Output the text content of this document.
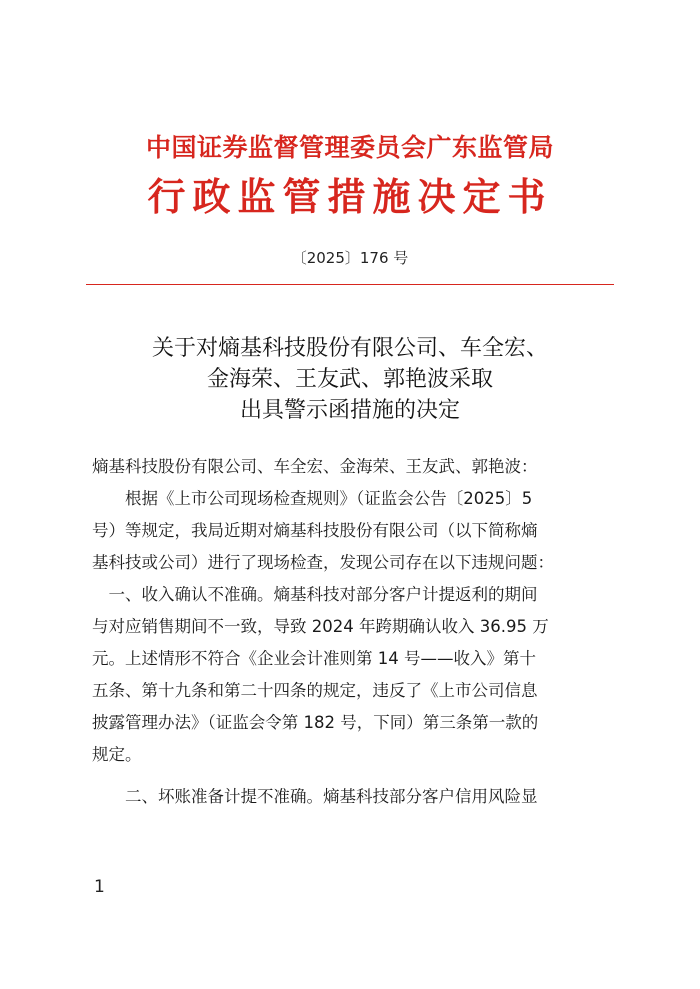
中国证券监督管理委员会广东监管局
行政监管措施决定书
〔2025〕176 号
关于对熵基科技股份有限公司、车全宏、
金海荣、王友武、郭艳波采取
出具警示函措施的决定
熵基科技股份有限公司、车全宏、金海荣、王友武、郭艳波：
　　根据《上市公司现场检查规则》（证监会公告〔2025〕5
号）等规定，我局近期对熵基科技股份有限公司（以下简称熵
基科技或公司）进行了现场检查，发现公司存在以下违规问题：
　一、收入确认不准确。熵基科技对部分客户计提返利的期间
与对应销售期间不一致，导致 2024 年跨期确认收入 36.95 万
元。上述情形不符合《企业会计准则第 14 号——收入》第十
五条、第十九条和第二十四条的规定，违反了《上市公司信息
披露管理办法》（证监会令第 182 号，下同）第三条第一款的
规定。
　　二、坏账准备计提不准确。熵基科技部分客户信用风险显
1
